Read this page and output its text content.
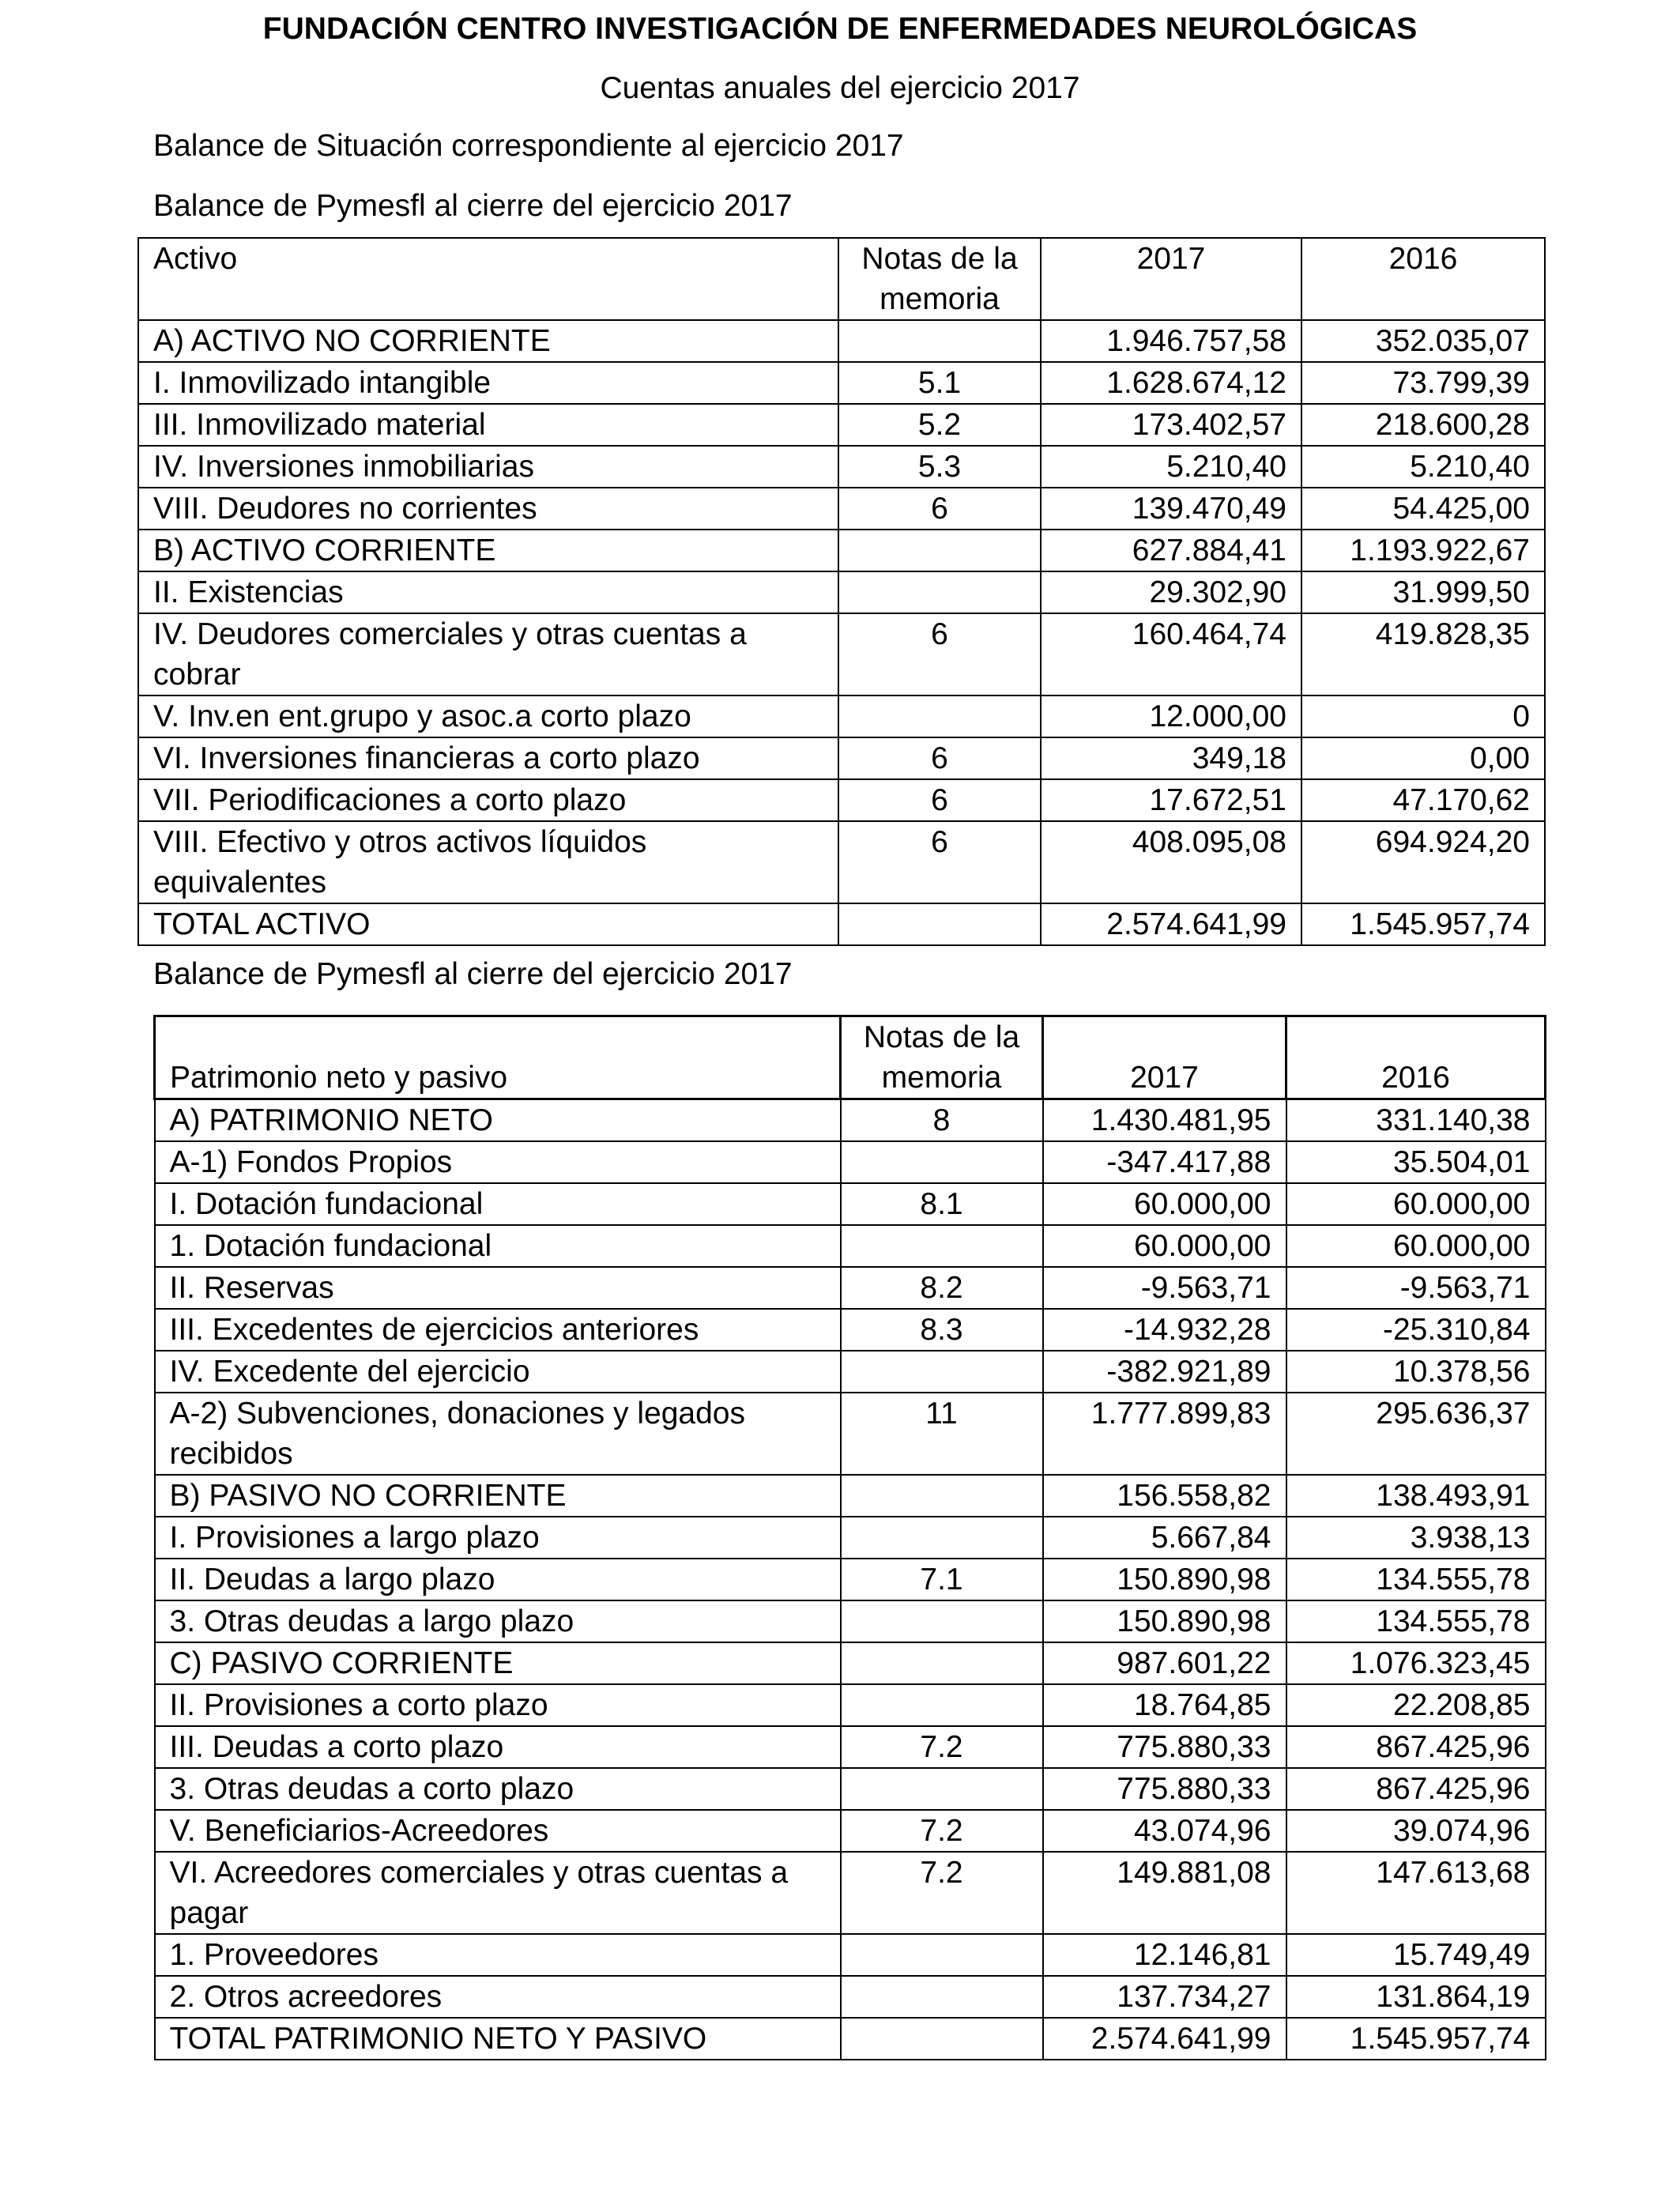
FUNDACIÓN CENTRO INVESTIGACIÓN DE ENFERMEDADES NEUROLÓGICAS
Cuentas anuales del ejercicio 2017
Balance de Situación correspondiente al ejercicio 2017
Balance de Pymesfl al cierre del ejercicio 2017
Activo	Notas de la memoria	2017	2016
A) ACTIVO NO CORRIENTE		1.946.757,58	352.035,07
I. Inmovilizado intangible	5.1	1.628.674,12	73.799,39
III. Inmovilizado material	5.2	173.402,57	218.600,28
IV. Inversiones inmobiliarias	5.3	5.210,40	5.210,40
VIII. Deudores no corrientes	6	139.470,49	54.425,00
B) ACTIVO CORRIENTE		627.884,41	1.193.922,67
II. Existencias		29.302,90	31.999,50
IV. Deudores comerciales y otras cuentas a cobrar	6	160.464,74	419.828,35
V. Inv.en ent.grupo y asoc.a corto plazo		12.000,00	0
VI. Inversiones financieras a corto plazo	6	349,18	0,00
VII. Periodificaciones a corto plazo	6	17.672,51	47.170,62
VIII. Efectivo y otros activos líquidos equivalentes	6	408.095,08	694.924,20
TOTAL ACTIVO		2.574.641,99	1.545.957,74
Balance de Pymesfl al cierre del ejercicio 2017
Patrimonio neto y pasivo	Notas de la memoria	2017	2016
A) PATRIMONIO NETO	8	1.430.481,95	331.140,38
A-1) Fondos Propios		-347.417,88	35.504,01
I. Dotación fundacional	8.1	60.000,00	60.000,00
1. Dotación fundacional		60.000,00	60.000,00
II. Reservas	8.2	-9.563,71	-9.563,71
III. Excedentes de ejercicios anteriores	8.3	-14.932,28	-25.310,84
IV. Excedente del ejercicio		-382.921,89	10.378,56
A-2) Subvenciones, donaciones y legados recibidos	11	1.777.899,83	295.636,37
B) PASIVO NO CORRIENTE		156.558,82	138.493,91
I. Provisiones a largo plazo		5.667,84	3.938,13
II. Deudas a largo plazo	7.1	150.890,98	134.555,78
3. Otras deudas a largo plazo		150.890,98	134.555,78
C) PASIVO CORRIENTE		987.601,22	1.076.323,45
II. Provisiones a corto plazo		18.764,85	22.208,85
III. Deudas a corto plazo	7.2	775.880,33	867.425,96
3. Otras deudas a corto plazo		775.880,33	867.425,96
V. Beneficiarios-Acreedores	7.2	43.074,96	39.074,96
VI. Acreedores comerciales y otras cuentas a pagar	7.2	149.881,08	147.613,68
1. Proveedores		12.146,81	15.749,49
2. Otros acreedores		137.734,27	131.864,19
TOTAL PATRIMONIO NETO Y PASIVO		2.574.641,99	1.545.957,74
